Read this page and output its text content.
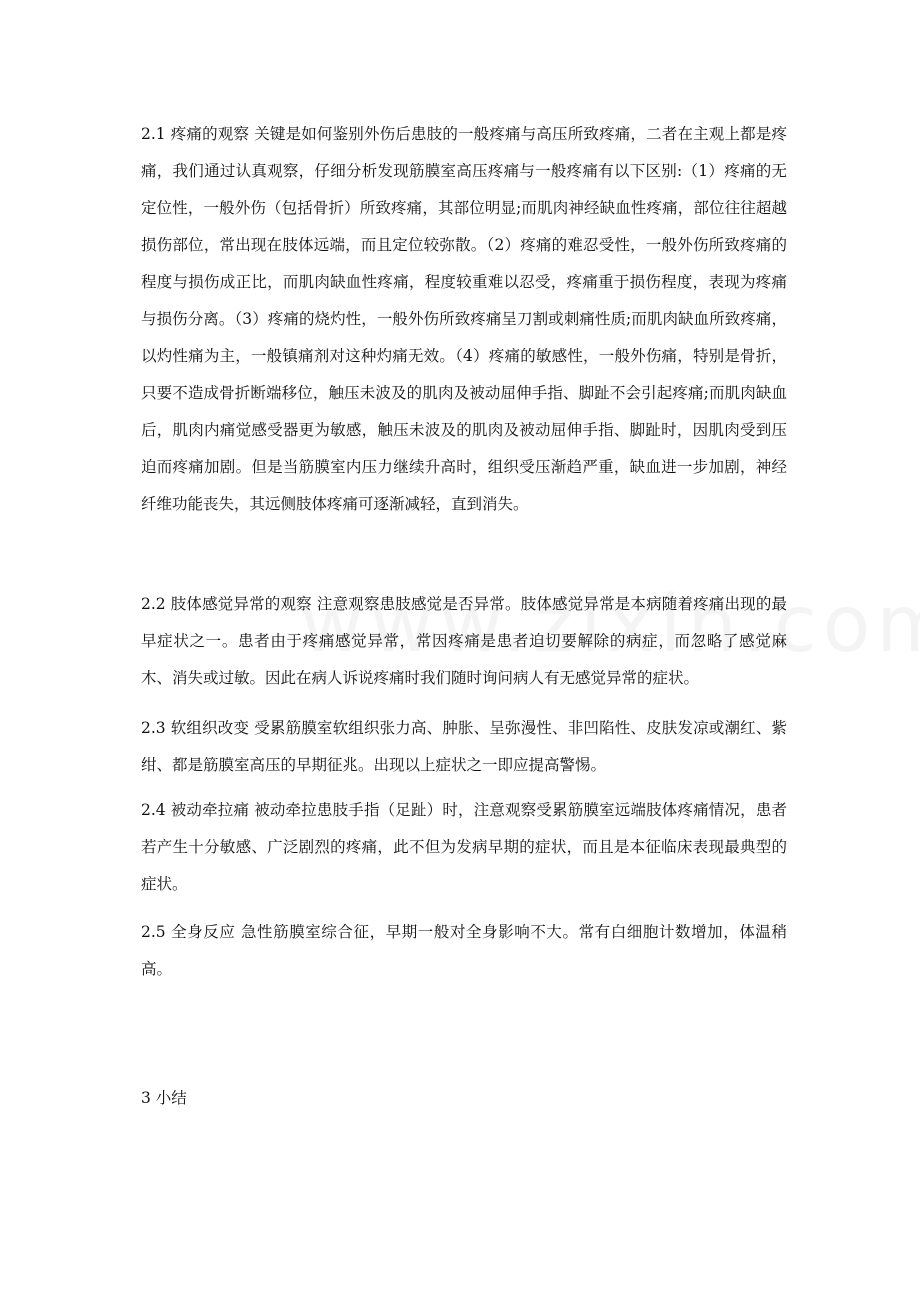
2.1 疼痛的观察 关键是如何鉴别外伤后患肢的一般疼痛与高压所致疼痛，二者在主观上都是疼痛，我们通过认真观察，仔细分析发现筋膜室高压疼痛与一般疼痛有以下区别:（1）疼痛的无定位性，一般外伤（包括骨折）所致疼痛，其部位明显;而肌肉神经缺血性疼痛，部位往往超越损伤部位，常出现在肢体远端，而且定位较弥散。（2）疼痛的难忍受性，一般外伤所致疼痛的程度与损伤成正比，而肌肉缺血性疼痛，程度较重难以忍受，疼痛重于损伤程度，表现为疼痛与损伤分离。（3）疼痛的烧灼性，一般外伤所致疼痛呈刀割或刺痛性质;而肌肉缺血所致疼痛，以灼性痛为主，一般镇痛剂对这种灼痛无效。（4）疼痛的敏感性，一般外伤痛，特别是骨折，只要不造成骨折断端移位，触压未波及的肌肉及被动屈伸手指、脚趾不会引起疼痛;而肌肉缺血后，肌肉内痛觉感受器更为敏感，触压未波及的肌肉及被动屈伸手指、脚趾时，因肌肉受到压迫而疼痛加剧。但是当筋膜室内压力继续升高时，组织受压渐趋严重，缺血进一步加剧，神经纤维功能丧失，其远侧肢体疼痛可逐渐减轻，直到消失。

2.2 肢体感觉异常的观察 注意观察患肢感觉是否异常。肢体感觉异常是本病随着疼痛出现的最早症状之一。患者由于疼痛感觉异常，常因疼痛是患者迫切要解除的病症，而忽略了感觉麻木、消失或过敏。因此在病人诉说疼痛时我们随时询问病人有无感觉异常的症状。

2.3 软组织改变 受累筋膜室软组织张力高、肿胀、呈弥漫性、非凹陷性、皮肤发凉或潮红、紫绀、都是筋膜室高压的早期征兆。出现以上症状之一即应提高警惕。

2.4 被动牵拉痛 被动牵拉患肢手指（足趾）时，注意观察受累筋膜室远端肢体疼痛情况，患者若产生十分敏感、广泛剧烈的疼痛，此不但为发病早期的症状，而且是本征临床表现最典型的症状。

2.5 全身反应 急性筋膜室综合征，早期一般对全身影响不大。常有白细胞计数增加，体温稍高。

3 小结
